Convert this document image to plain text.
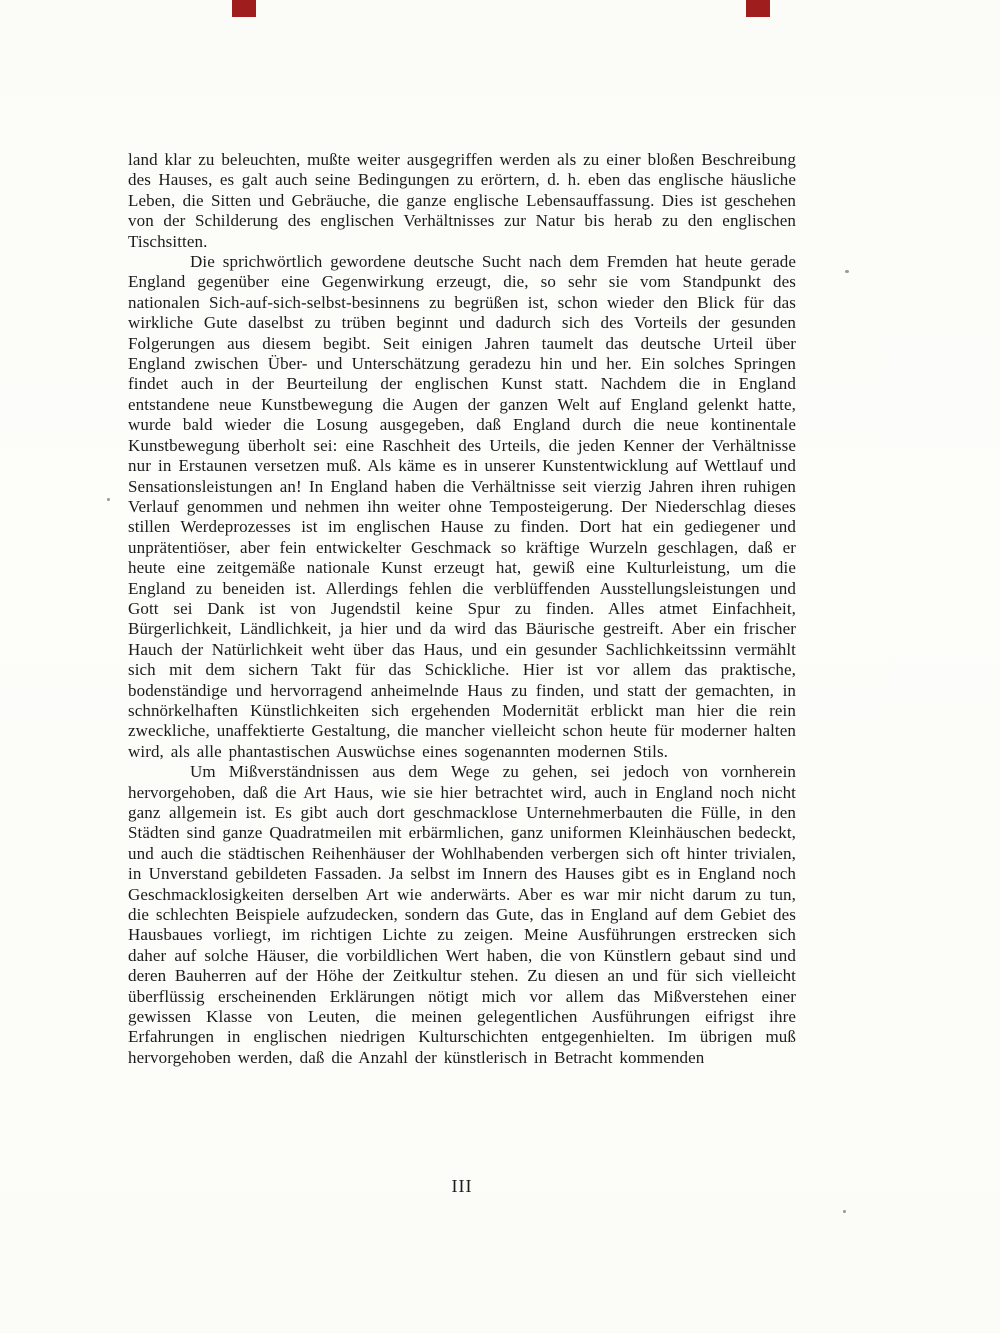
land klar zu beleuchten, mußte weiter ausgegriffen werden als zu einer bloßen Beschreibung des Hauses, es galt auch seine Bedingungen zu erörtern, d. h. eben das englische häusliche Leben, die Sitten und Gebräuche, die ganze englische Lebensauffassung. Dies ist geschehen von der Schilderung des englischen Verhältnisses zur Natur bis herab zu den englischen Tischsitten.

Die sprichwörtlich gewordene deutsche Sucht nach dem Fremden hat heute gerade England gegenüber eine Gegenwirkung erzeugt, die, so sehr sie vom Standpunkt des nationalen Sich-auf-sich-selbst-besinnens zu begrüßen ist, schon wieder den Blick für das wirkliche Gute daselbst zu trüben beginnt und dadurch sich des Vorteils der gesunden Folgerungen aus diesem begibt. Seit einigen Jahren taumelt das deutsche Urteil über England zwischen Über- und Unterschätzung geradezu hin und her. Ein solches Springen findet auch in der Beurteilung der englischen Kunst statt. Nachdem die in England entstandene neue Kunstbewegung die Augen der ganzen Welt auf England gelenkt hatte, wurde bald wieder die Losung ausgegeben, daß England durch die neue kontinentale Kunstbewegung überholt sei: eine Raschheit des Urteils, die jeden Kenner der Verhältnisse nur in Erstaunen versetzen muß. Als käme es in unserer Kunstentwicklung auf Wettlauf und Sensationsleistungen an! In England haben die Verhältnisse seit vierzig Jahren ihren ruhigen Verlauf genommen und nehmen ihn weiter ohne Temposteigerung. Der Niederschlag dieses stillen Werdeprozesses ist im englischen Hause zu finden. Dort hat ein gediegener und unprätentiöser, aber fein entwickelter Geschmack so kräftige Wurzeln geschlagen, daß er heute eine zeitgemäße nationale Kunst erzeugt hat, gewiß eine Kulturleistung, um die England zu beneiden ist. Allerdings fehlen die verblüffenden Ausstellungsleistungen und Gott sei Dank ist von Jugendstil keine Spur zu finden. Alles atmet Einfachheit, Bürgerlichkeit, Ländlichkeit, ja hier und da wird das Bäurische gestreift. Aber ein frischer Hauch der Natürlichkeit weht über das Haus, und ein gesunder Sachlichkeitssinn vermählt sich mit dem sichern Takt für das Schickliche. Hier ist vor allem das praktische, bodenständige und hervorragend anheimelnde Haus zu finden, und statt der gemachten, in schnörkelhaften Künstlichkeiten sich ergehenden Modernität erblickt man hier die rein zweckliche, unaffektierte Gestaltung, die mancher vielleicht schon heute für moderner halten wird, als alle phantastischen Auswüchse eines sogenannten modernen Stils.

Um Mißverständnissen aus dem Wege zu gehen, sei jedoch von vornherein hervorgehoben, daß die Art Haus, wie sie hier betrachtet wird, auch in England noch nicht ganz allgemein ist. Es gibt auch dort geschmacklose Unternehmerbauten die Fülle, in den Städten sind ganze Quadratmeilen mit erbärmlichen, ganz uniformen Kleinhäuschen bedeckt, und auch die städtischen Reihenhäuser der Wohlhabenden verbergen sich oft hinter trivialen, in Unverstand gebildeten Fassaden. Ja selbst im Innern des Hauses gibt es in England noch Geschmacklosigkeiten derselben Art wie anderwärts. Aber es war mir nicht darum zu tun, die schlechten Beispiele aufzudecken, sondern das Gute, das in England auf dem Gebiet des Hausbaues vorliegt, im richtigen Lichte zu zeigen. Meine Ausführungen erstrecken sich daher auf solche Häuser, die vorbildlichen Wert haben, die von Künstlern gebaut sind und deren Bauherren auf der Höhe der Zeitkultur stehen. Zu diesen an und für sich vielleicht überflüssig erscheinenden Erklärungen nötigt mich vor allem das Mißverstehen einer gewissen Klasse von Leuten, die meinen gelegentlichen Ausführungen eifrigst ihre Erfahrungen in englischen niedrigen Kulturschichten entgegenhielten. Im übrigen muß hervorgehoben werden, daß die Anzahl der künstlerisch in Betracht kommenden

III
